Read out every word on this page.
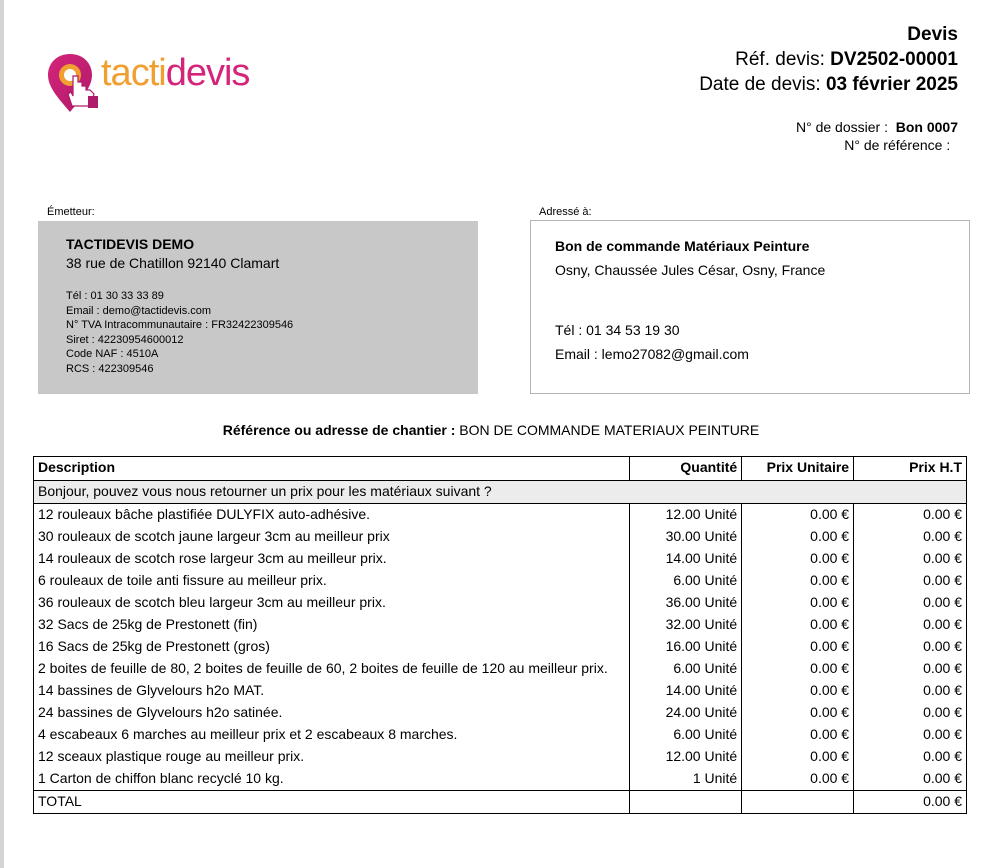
tactidevis
Devis
Réf. devis: DV2502-00001
Date de devis: 03 février 2025
N° de dossier : Bon 0007
N° de référence :
Émetteur:
TACTIDEVIS DEMO
38 rue de Chatillon 92140 Clamart
Tél : 01 30 33 33 89
Email : demo@tactidevis.com
N° TVA Intracommunautaire : FR32422309546
Siret : 42230954600012
Code NAF : 4510A
RCS : 422309546
Adressé à:
Bon de commande Matériaux Peinture
Osny, Chaussée Jules César, Osny, France
Tél : 01 34 53 19 30
Email : lemo27082@gmail.com
Référence ou adresse de chantier : BON DE COMMANDE MATERIAUX PEINTURE
Description	Quantité	Prix Unitaire	Prix H.T
Bonjour, pouvez vous nous retourner un prix pour les matériaux suivant ?			
12 rouleaux bâche plastifiée DULYFIX auto-adhésive.	12.00 Unité	0.00 €	0.00 €
30 rouleaux de scotch jaune largeur 3cm au meilleur prix	30.00 Unité	0.00 €	0.00 €
14 rouleaux de scotch rose largeur 3cm au meilleur prix.	14.00 Unité	0.00 €	0.00 €
6 rouleaux de toile anti fissure au meilleur prix.	6.00 Unité	0.00 €	0.00 €
36 rouleaux de scotch bleu largeur 3cm au meilleur prix.	36.00 Unité	0.00 €	0.00 €
32 Sacs de 25kg de Prestonett (fin)	32.00 Unité	0.00 €	0.00 €
16 Sacs de 25kg de Prestonett (gros)	16.00 Unité	0.00 €	0.00 €
2 boites de feuille de 80, 2 boites de feuille de 60, 2 boites de feuille de 120 au meilleur prix.	6.00 Unité	0.00 €	0.00 €
14 bassines de Glyvelours h2o MAT.	14.00 Unité	0.00 €	0.00 €
24 bassines de Glyvelours h2o satinée.	24.00 Unité	0.00 €	0.00 €
4 escabeaux 6 marches au meilleur prix et 2 escabeaux 8 marches.	6.00 Unité	0.00 €	0.00 €
12 sceaux plastique rouge au meilleur prix.	12.00 Unité	0.00 €	0.00 €
1 Carton de chiffon blanc recyclé 10 kg.	1 Unité	0.00 €	0.00 €
TOTAL			0.00 €
